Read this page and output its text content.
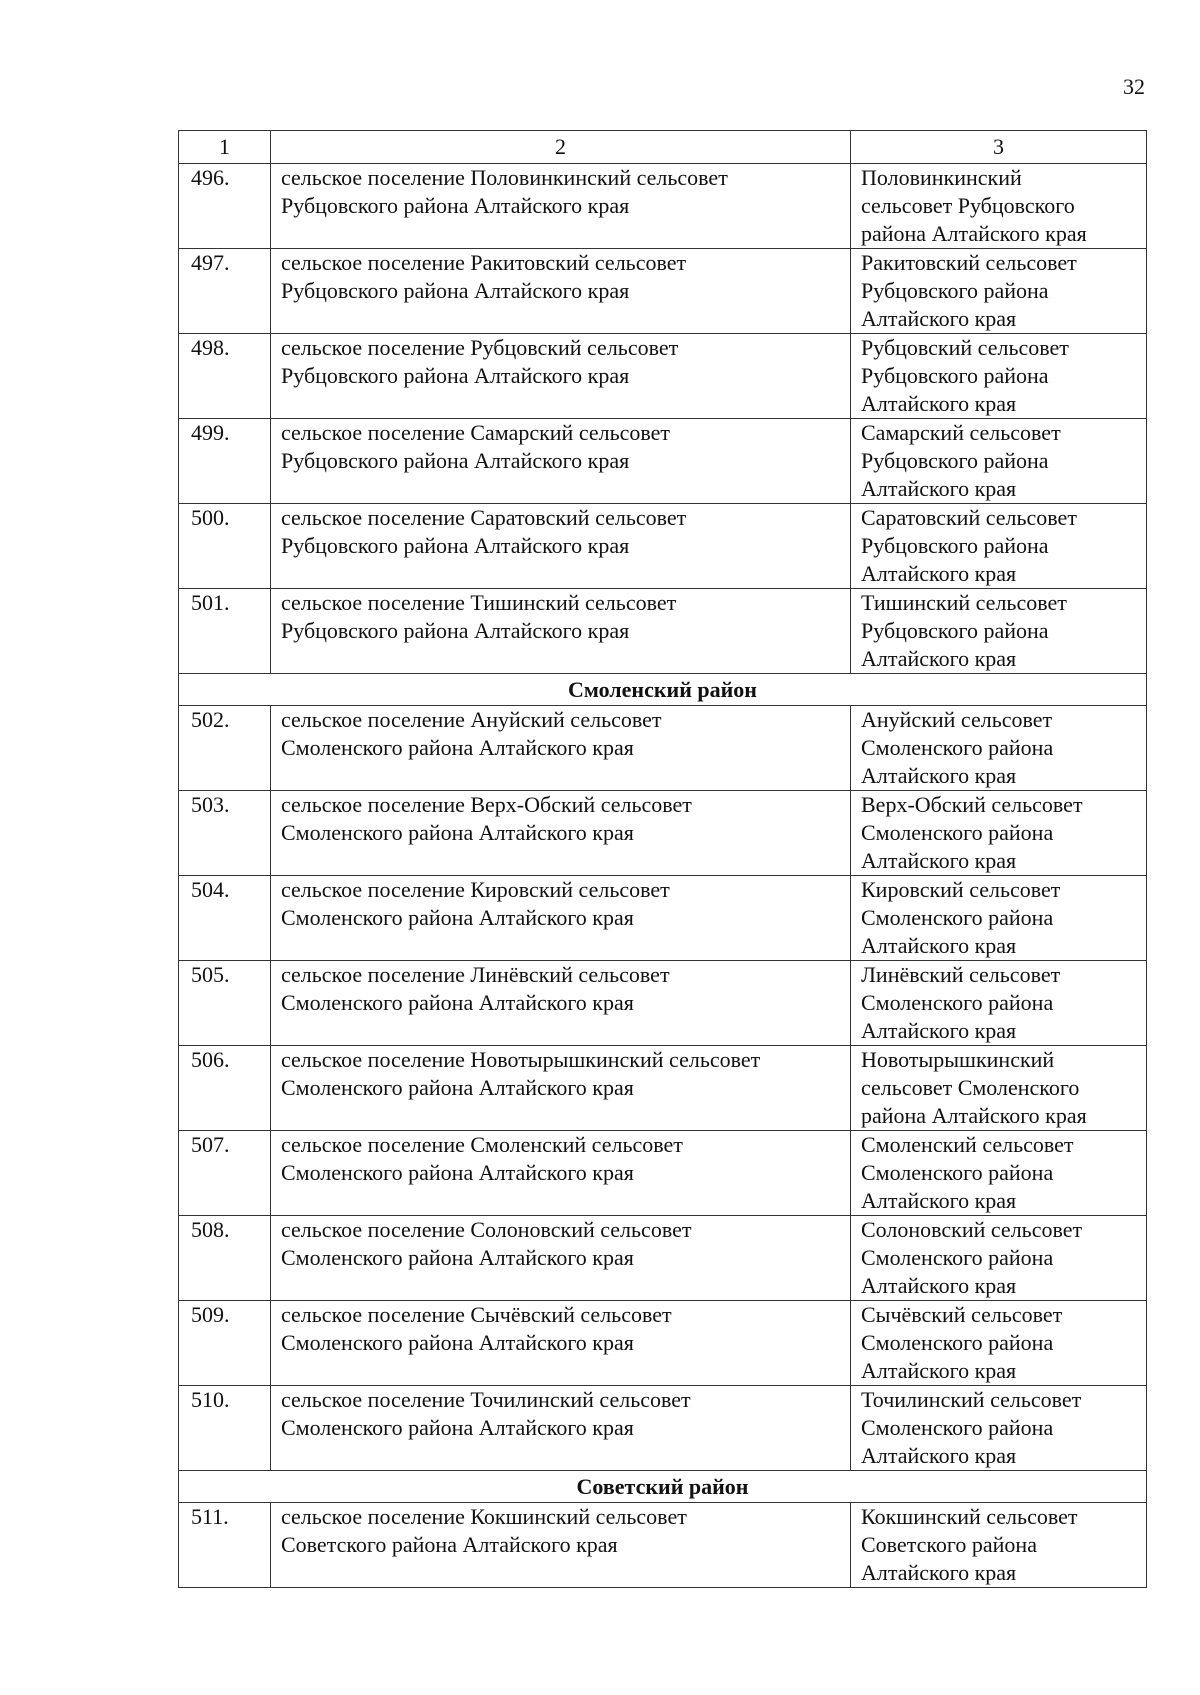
32
1	2	3
496.	сельское поселение Половинкинский сельсовет
Рубцовского района Алтайского края	Половинкинский
сельсовет Рубцовского
района Алтайского края
497.	сельское поселение Ракитовский сельсовет
Рубцовского района Алтайского края	Ракитовский сельсовет
Рубцовского района
Алтайского края
498.	сельское поселение Рубцовский сельсовет
Рубцовского района Алтайского края	Рубцовский сельсовет
Рубцовского района
Алтайского края
499.	сельское поселение Самарский сельсовет
Рубцовского района Алтайского края	Самарский сельсовет
Рубцовского района
Алтайского края
500.	сельское поселение Саратовский сельсовет
Рубцовского района Алтайского края	Саратовский сельсовет
Рубцовского района
Алтайского края
501.	сельское поселение Тишинский сельсовет
Рубцовского района Алтайского края	Тишинский сельсовет
Рубцовского района
Алтайского края
Смоленский район		
502.	сельское поселение Ануйский сельсовет
Смоленского района Алтайского края	Ануйский сельсовет
Смоленского района
Алтайского края
503.	сельское поселение Верх-Обский сельсовет
Смоленского района Алтайского края	Верх-Обский сельсовет
Смоленского района
Алтайского края
504.	сельское поселение Кировский сельсовет
Смоленского района Алтайского края	Кировский сельсовет
Смоленского района
Алтайского края
505.	сельское поселение Линёвский сельсовет
Смоленского района Алтайского края	Линёвский сельсовет
Смоленского района
Алтайского края
506.	сельское поселение Новотырышкинский сельсовет
Смоленского района Алтайского края	Новотырышкинский
сельсовет Смоленского
района Алтайского края
507.	сельское поселение Смоленский сельсовет
Смоленского района Алтайского края	Смоленский сельсовет
Смоленского района
Алтайского края
508.	сельское поселение Солоновский сельсовет
Смоленского района Алтайского края	Солоновский сельсовет
Смоленского района
Алтайского края
509.	сельское поселение Сычёвский сельсовет
Смоленского района Алтайского края	Сычёвский сельсовет
Смоленского района
Алтайского края
510.	сельское поселение Точилинский сельсовет
Смоленского района Алтайского края	Точилинский сельсовет
Смоленского района
Алтайского края
Советский район		
511.	сельское поселение Кокшинский сельсовет
Советского района Алтайского края	Кокшинский сельсовет
Советского района
Алтайского края
